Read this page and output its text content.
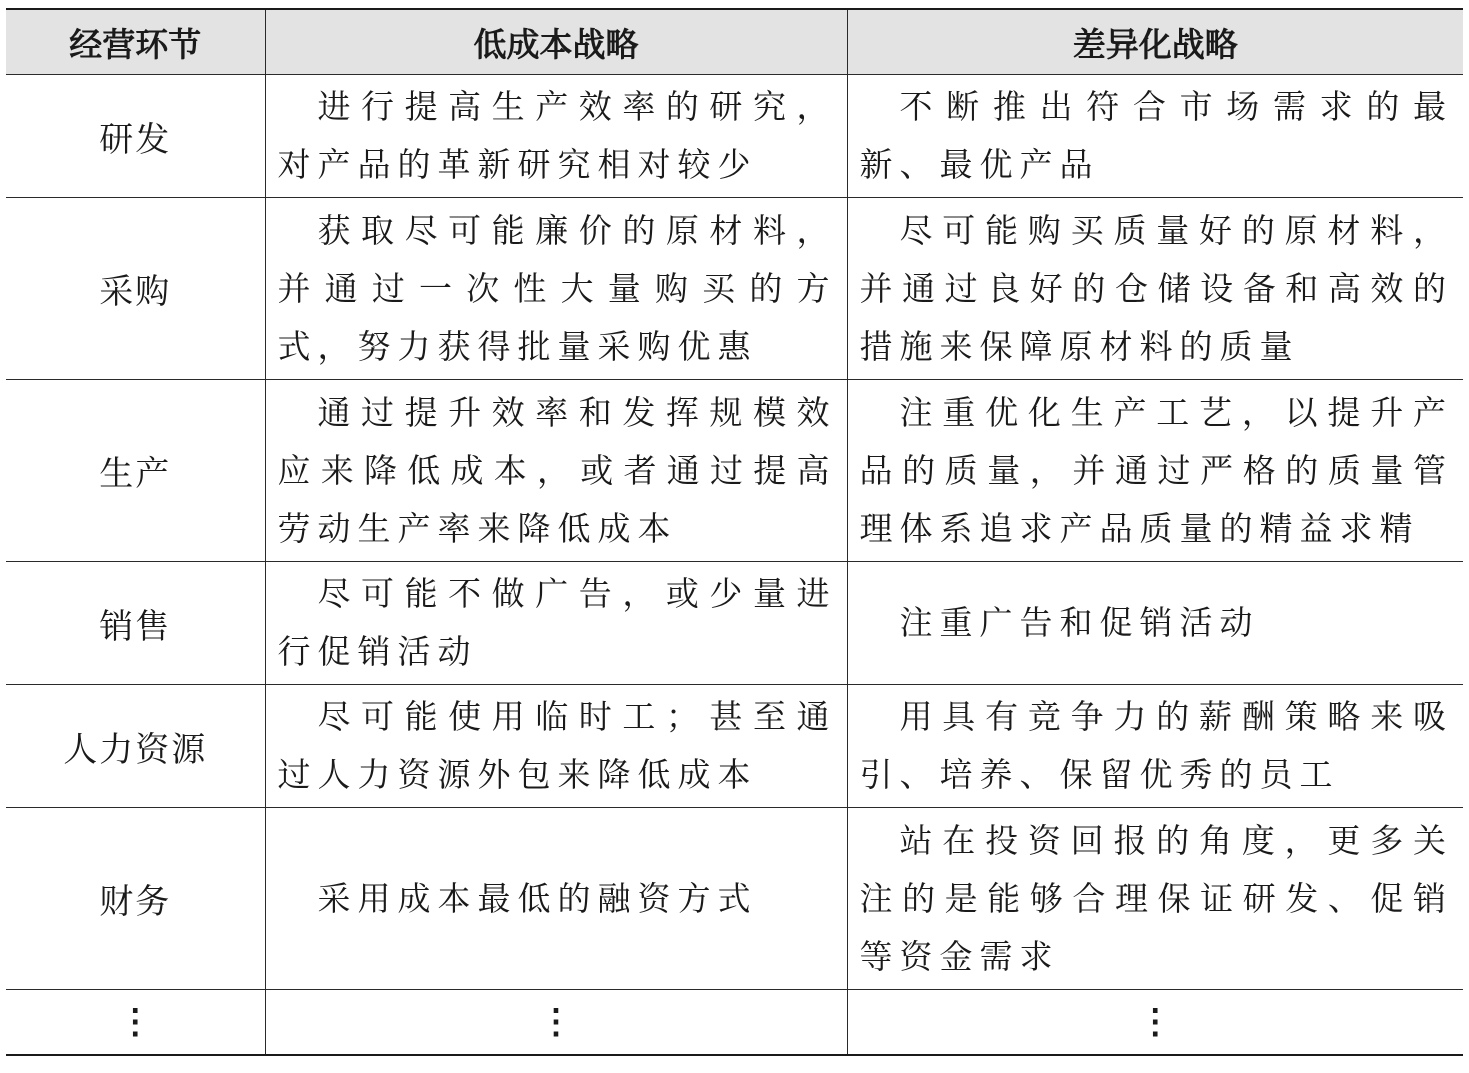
经营环节	低成本战略	差异化战略
研发	进行提高生产效率的研究，对产品的革新研究相对较少	不断推出符合市场需求的最新、最优产品

采购	获取尽可能廉价的原材料，并通过一次性大量购买的方式，努力获得批量采购优惠	尽可能购买质量好的原材料，并通过良好的仓储设备和高效的措施来保障原材料的质量

生产	通过提升效率和发挥规模效应来降低成本，或者通过提高劳动生产率来降低成本	注重优化生产工艺，以提升产品的质量，并通过严格的质量管理体系追求产品质量的精益求精

销售	尽可能不做广告，或少量进行促销活动	注重广告和促销活动

人力资源	尽可能使用临时工；甚至通过人力资源外包来降低成本	用具有竞争力的薪酬策略来吸引、培养、保留优秀的员工

财务	采用成本最低的融资方式	站在投资回报的角度，更多关注的是能够合理保证研发、促销等资金需求

⋮	⋮	⋮
